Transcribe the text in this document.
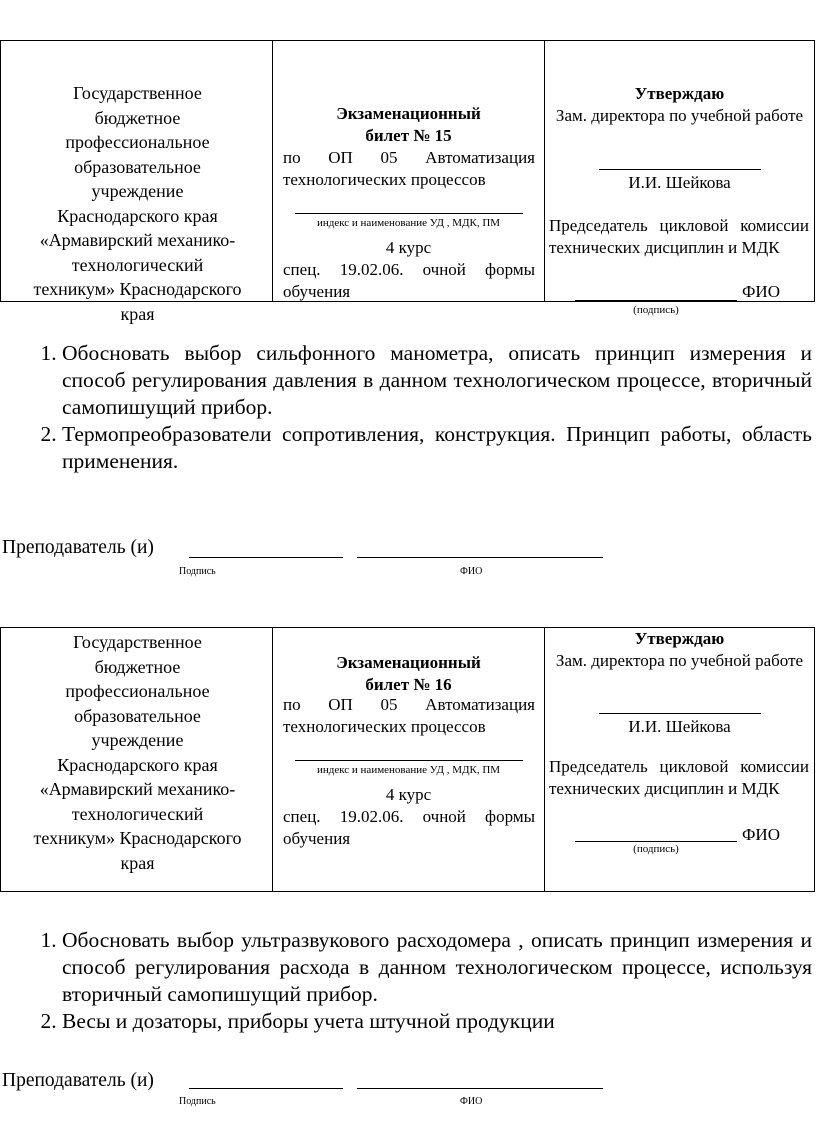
Государственное
бюджетное
профессиональное
образовательное
учреждение
Краснодарского края
«Армавирский механико-
технологический
техникум» Краснодарского
края
Экзаменационный
билет № 15
по ОП 05 Автоматизация технологических процессов
индекс и наименование УД , МДК, ПМ
4 курс
спец. 19.02.06. очной формы обучения
Утверждаю
Зам. директора по учебной работе
И.И. Шейкова
Председатель цикловой комиссии технических дисциплин и МДК
ФИО
(подпись)
1. Обосновать выбор сильфонного манометра, описать принцип измерения и способ регулирования давления в данном технологическом процессе, вторичный самопишущий прибор.
2. Термопреобразователи сопротивления, конструкция. Принцип работы, область применения.
Преподаватель (и)
Подпись	ФИО
Государственное
бюджетное
профессиональное
образовательное
учреждение
Краснодарского края
«Армавирский механико-
технологический
техникум» Краснодарского
края
Экзаменационный
билет № 16
по ОП 05 Автоматизация технологических процессов
индекс и наименование УД , МДК, ПМ
4 курс
спец. 19.02.06. очной формы обучения
Утверждаю
Зам. директора по учебной работе
И.И. Шейкова
Председатель цикловой комиссии технических дисциплин и МДК
ФИО
(подпись)
1. Обосновать выбор ультразвукового расходомера , описать принцип измерения и способ регулирования расхода в данном технологическом процессе, используя вторичный самопишущий прибор.
2. Весы и дозаторы, приборы учета штучной продукции
Преподаватель (и)
Подпись	ФИО
